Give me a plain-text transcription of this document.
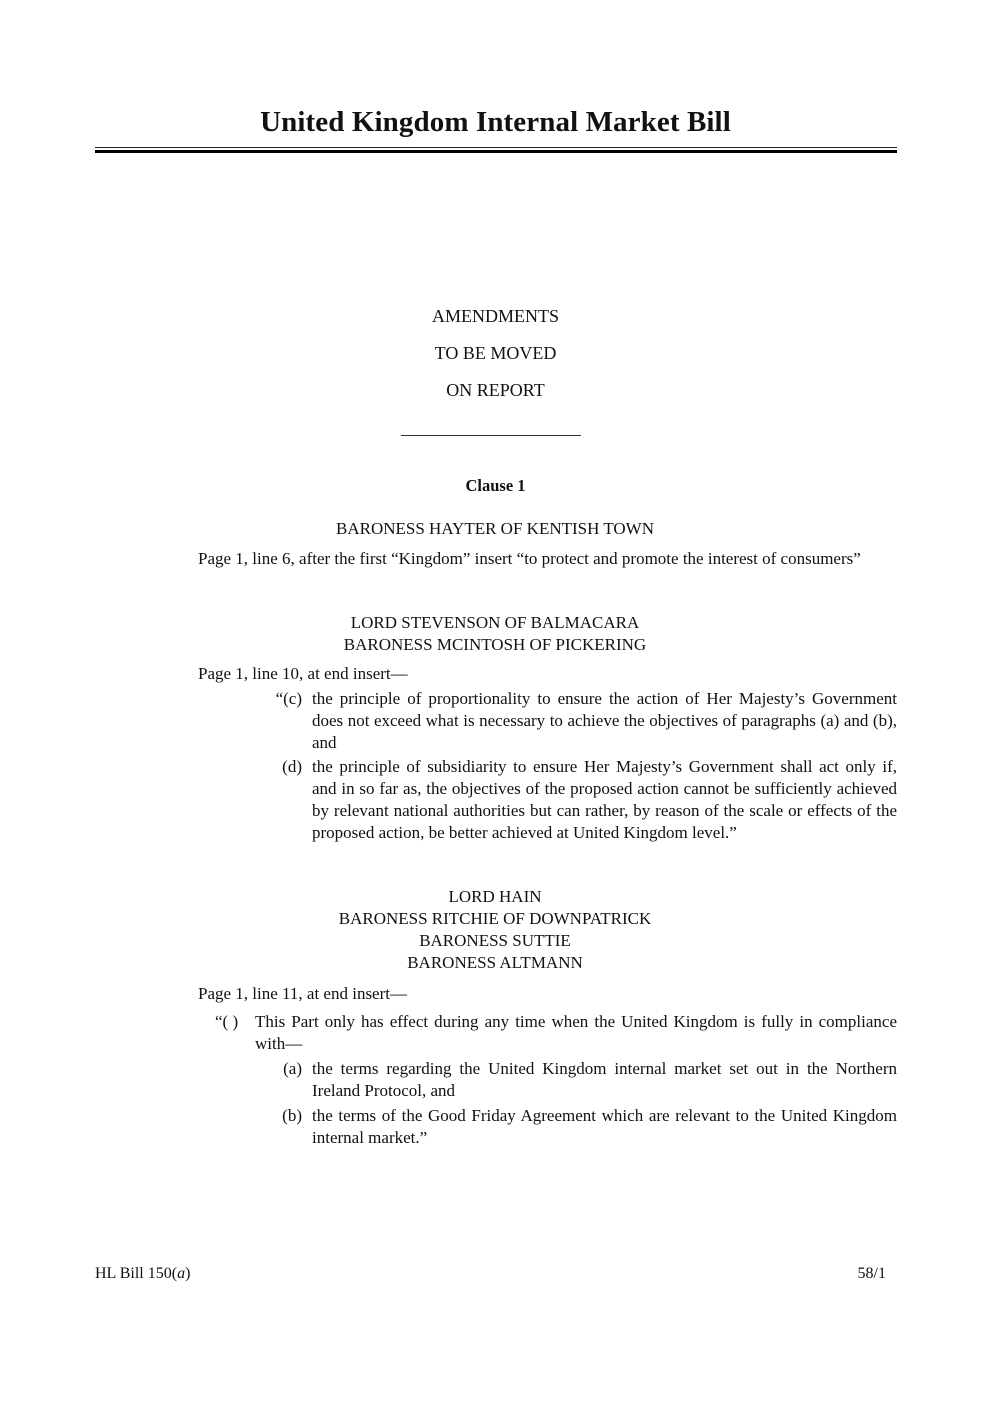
United Kingdom Internal Market Bill
AMENDMENTS
TO BE MOVED
ON REPORT
Clause 1
BARONESS HAYTER OF KENTISH TOWN
Page 1, line 6, after the first “Kingdom” insert “to protect and promote the interest of consumers”
LORD STEVENSON OF BALMACARA
BARONESS MCINTOSH OF PICKERING
Page 1, line 10, at end insert—
“(c) the principle of proportionality to ensure the action of Her Majesty’s Government does not exceed what is necessary to achieve the objectives of paragraphs (a) and (b), and
(d) the principle of subsidiarity to ensure Her Majesty’s Government shall act only if, and in so far as, the objectives of the proposed action cannot be sufficiently achieved by relevant national authorities but can rather, by reason of the scale or effects of the proposed action, be better achieved at United Kingdom level.”
LORD HAIN
BARONESS RITCHIE OF DOWNPATRICK
BARONESS SUTTIE
BARONESS ALTMANN
Page 1, line 11, at end insert—
“( ) This Part only has effect during any time when the United Kingdom is fully in compliance with—
(a) the terms regarding the United Kingdom internal market set out in the Northern Ireland Protocol, and
(b) the terms of the Good Friday Agreement which are relevant to the United Kingdom internal market.”
HL Bill 150(a)	58/1
